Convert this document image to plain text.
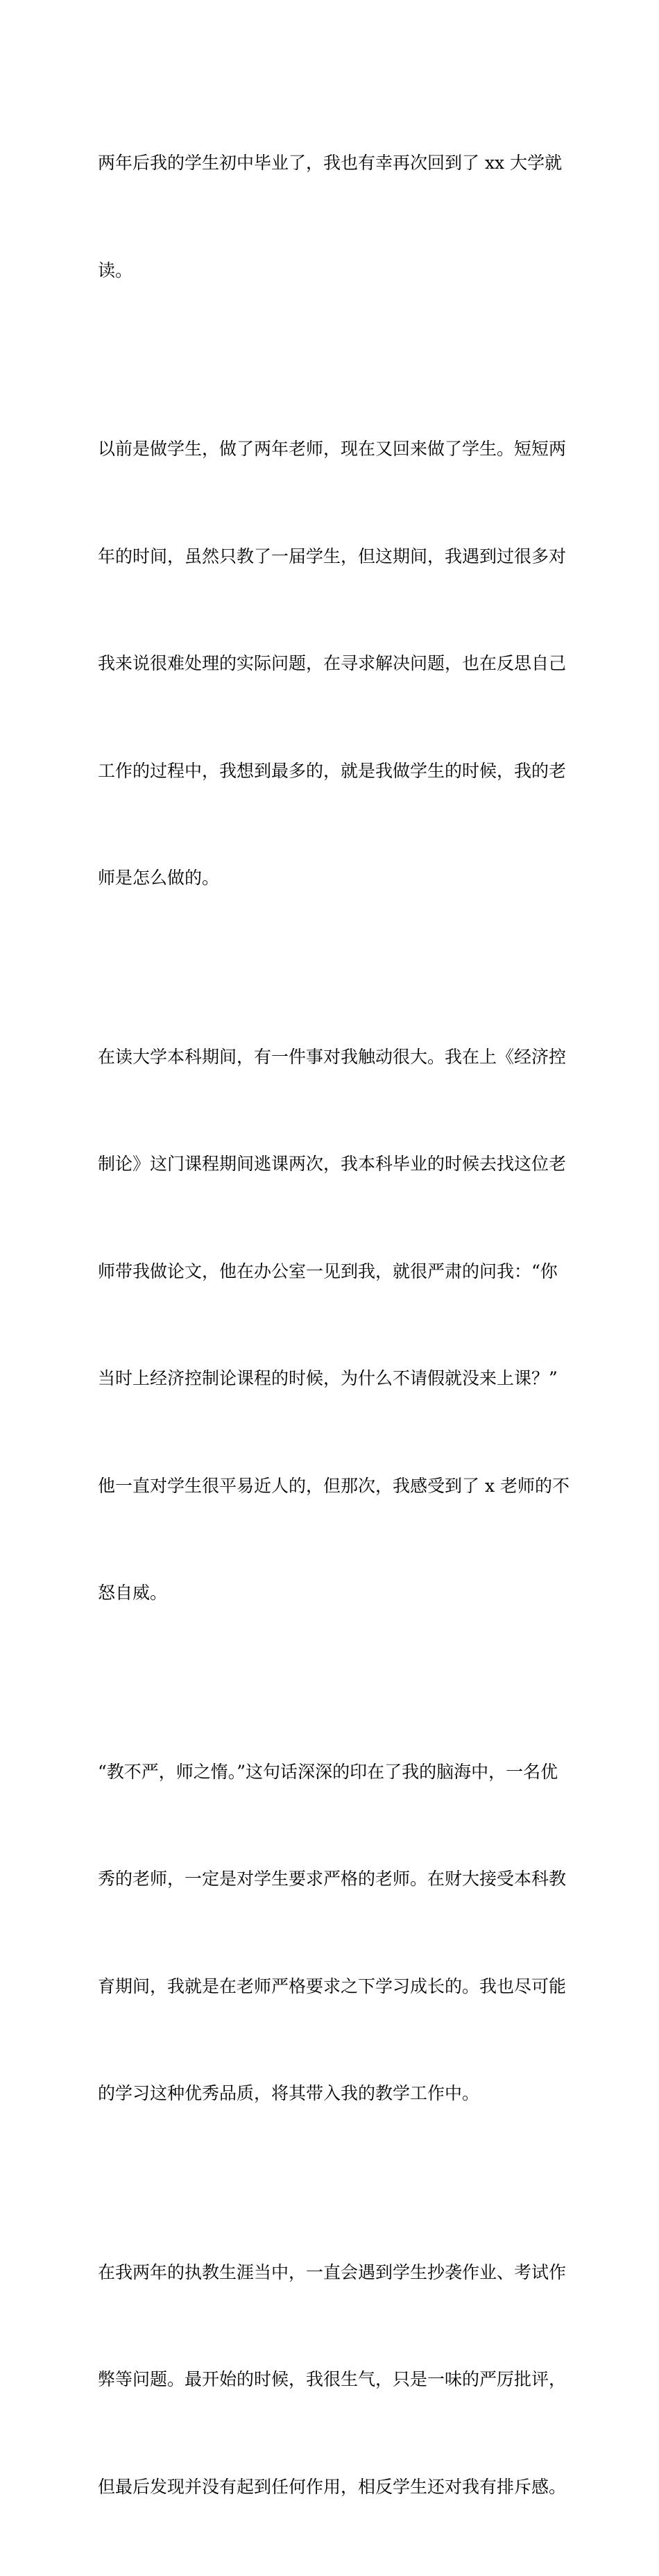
两年后我的学生初中毕业了，我也有幸再次回到了 xx 大学就

读。

以前是做学生，做了两年老师，现在又回来做了学生。短短两

年的时间，虽然只教了一届学生，但这期间，我遇到过很多对

我来说很难处理的实际问题，在寻求解决问题，也在反思自己

工作的过程中，我想到最多的，就是我做学生的时候，我的老

师是怎么做的。

在读大学本科期间，有一件事对我触动很大。我在上《经济控

制论》这门课程期间逃课两次，我本科毕业的时候去找这位老

师带我做论文，他在办公室一见到我，就很严肃的问我：“你

当时上经济控制论课程的时候，为什么不请假就没来上课？”

他一直对学生很平易近人的，但那次，我感受到了 x 老师的不

怒自威。

“教不严，师之惰。”这句话深深的印在了我的脑海中，一名优

秀的老师，一定是对学生要求严格的老师。在财大接受本科教

育期间，我就是在老师严格要求之下学习成长的。我也尽可能

的学习这种优秀品质，将其带入我的教学工作中。

在我两年的执教生涯当中，一直会遇到学生抄袭作业、考试作

弊等问题。最开始的时候，我很生气，只是一味的严厉批评，

但最后发现并没有起到任何作用，相反学生还对我有排斥感。
